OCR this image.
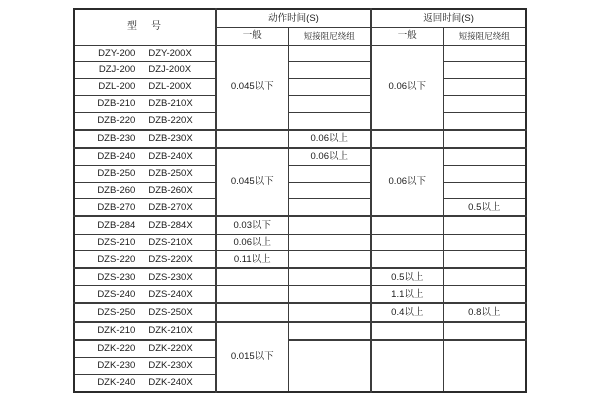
型　号	动作时间(S)		返回时间(S)	
	一般	短接阻尼绕组	一般	短接阻尼绕组
DZY-200 DZY-200X	0.045以下		0.06以下	
DZJ-200 DZJ-200X				
DZL-200 DZL-200X				
DZB-210 DZB-210X				
DZB-220 DZB-220X				
DZB-230 DZB-230X		0.06以上		
DZB-240 DZB-240X	0.045以下	0.06以上	0.06以下	
DZB-250 DZB-250X				
DZB-260 DZB-260X				
DZB-270 DZB-270X				0.5以上
DZB-284 DZB-284X	0.03以下			
DZS-210 DZS-210X	0.06以上			
DZS-220 DZS-220X	0.11以上			
DZS-230 DZS-230X			0.5以上	
DZS-240 DZS-240X			1.1以上	
DZS-250 DZS-250X			0.4以上	0.8以上
DZK-210 DZK-210X	0.015以下			
DZK-220 DZK-220X				
DZK-230 DZK-230X				
DZK-240 DZK-240X				
